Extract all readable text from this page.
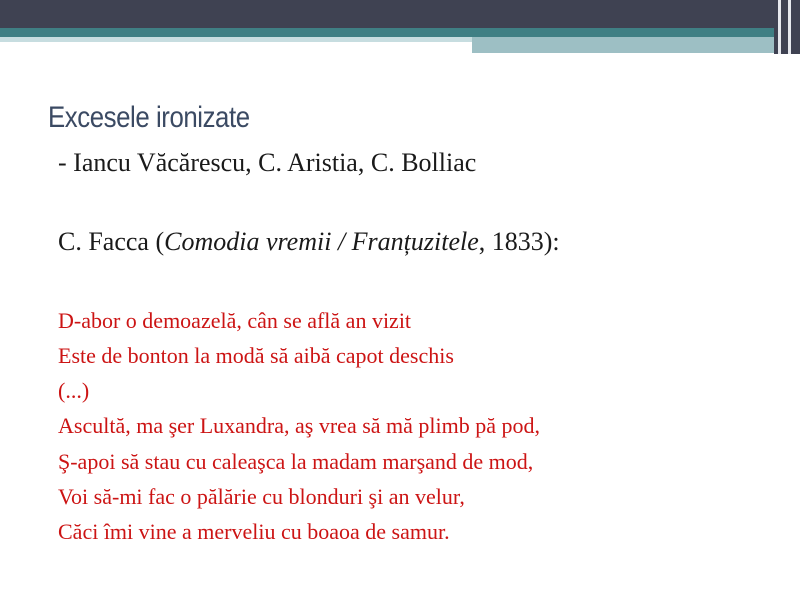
Excesele ironizate

- Iancu Văcărescu, C. Aristia, C. Bolliac

C. Facca (Comodia vremii / Franțuzitele, 1833):

D-abor o demoazelă, cân se află an vizit

Este de bonton la modă să aibă capot deschis

(...)

Ascultă, ma şer Luxandra, aş vrea să mă plimb pă pod,

Ş-apoi să stau cu caleaşca la madam marşand de mod,

Voi să-mi fac o pălărie cu blonduri şi an velur,

Căci îmi vine a merveliu cu boaoa de samur.
